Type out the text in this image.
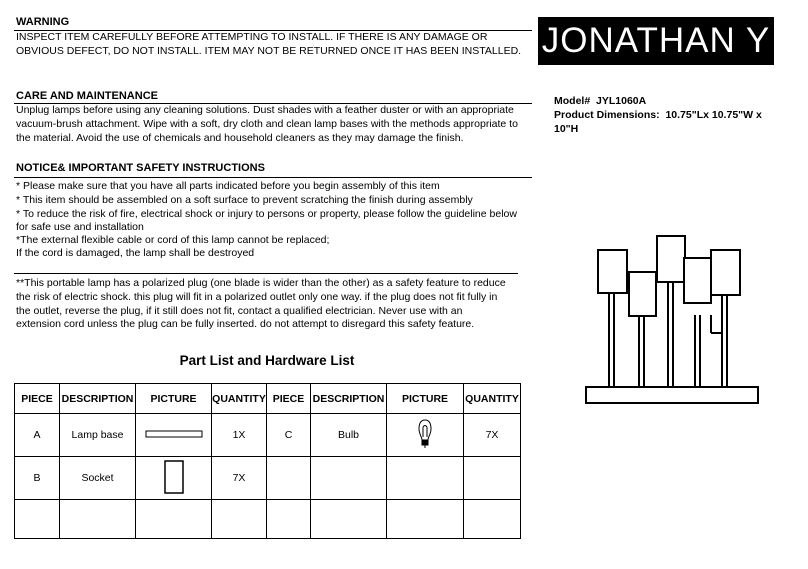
WARNING
INSPECT ITEM CAREFULLY BEFORE ATTEMPTING TO INSTALL. IF THERE IS ANY DAMAGE OR
OBVIOUS DEFECT, DO NOT INSTALL. ITEM MAY NOT BE RETURNED ONCE IT HAS BEEN INSTALLED. JONATHAN Y
CARE AND MAINTENANCE
Unplug lamps before using any cleaning solutions. Dust shades with a feather duster or with an appropriate
vacuum-brush attachment. Wipe with a soft, dry cloth and clean lamp bases with the methods appropriate to
the material. Avoid the use of chemicals and household cleaners as they may damage the finish.
Model# JYL1060A
Product Dimensions: 10.75"Lx 10.75"W x
10"H
NOTICE& IMPORTANT SAFETY INSTRUCTIONS
* Please make sure that you have all parts indicated before you begin assembly of this item
* This item should be assembled on a soft surface to prevent scratching the finish during assembly
* To reduce the risk of fire, electrical shock or injury to persons or property, please follow the guideline below
for safe use and installation
*The external flexible cable or cord of this lamp cannot be replaced;
If the cord is damaged, the lamp shall be destroyed
**This portable lamp has a polarized plug (one blade is wider than the other) as a safety feature to reduce
the risk of electric shock. this plug will fit in a polarized outlet only one way. if the plug does not fit fully in
the outlet, reverse the plug, if it still does not fit, contact a qualified electrician. Never use with an
extension cord unless the plug can be fully inserted. do not attempt to disregard this safety feature.
Part List and Hardware List
PIECE	DESCRIPTION	PICTURE	QUANTITY	PIECE	DESCRIPTION	PICTURE	QUANTITY
A	Lamp base		1X	C	Bulb		7X
B	Socket		7X				
